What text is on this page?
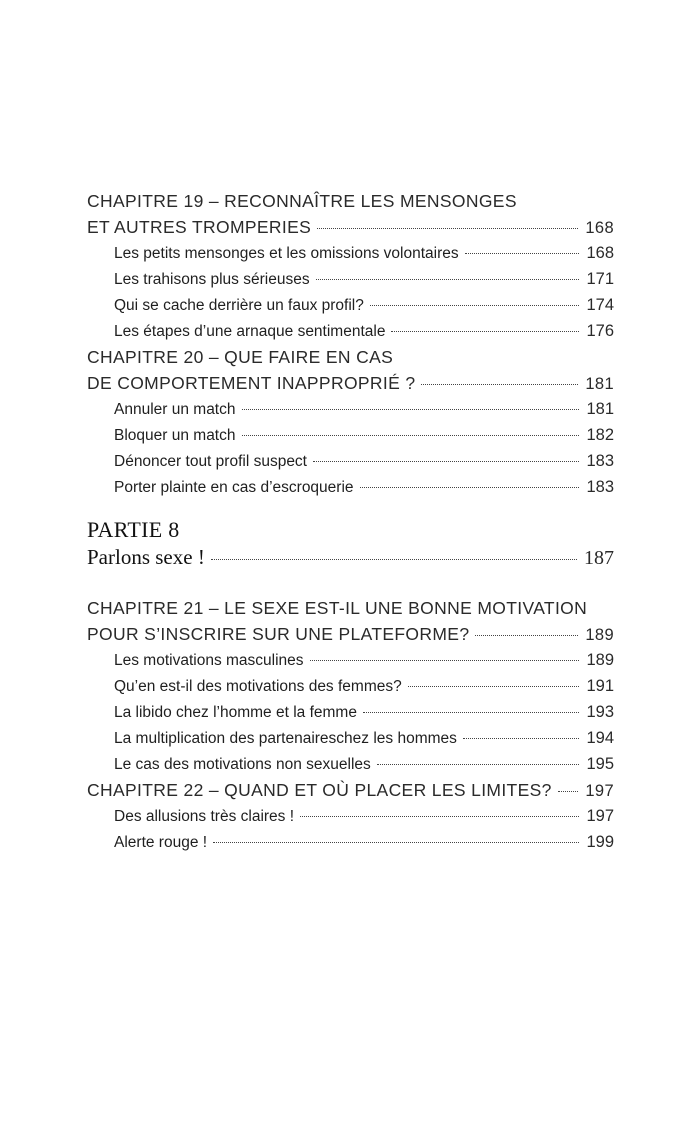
CHAPITRE 19 – RECONNAÎTRE LES MENSONGES
ET AUTRES TROMPERIES	168
Les petits mensonges et les omissions volontaires	168
Les trahisons plus sérieuses	171
Qui se cache derrière un faux profil?	174
Les étapes d’une arnaque sentimentale	176
CHAPITRE 20 – QUE FAIRE EN CAS
DE COMPORTEMENT INAPPROPRIÉ ?	181
Annuler un match	181
Bloquer un match	182
Dénoncer tout profil suspect	183
Porter plainte en cas d’escroquerie	183
PARTIE 8
Parlons sexe !	187
CHAPITRE 21 – LE SEXE EST-IL UNE BONNE MOTIVATION
POUR S’INSCRIRE SUR UNE PLATEFORME?	189
Les motivations masculines	189
Qu’en est-il des motivations des femmes?	191
La libido chez l’homme et la femme	193
La multiplication des partenaireschez les hommes	194
Le cas des motivations non sexuelles	195
CHAPITRE 22 – QUAND ET OÙ PLACER LES LIMITES? 197
Des allusions très claires !	197
Alerte rouge !	199
